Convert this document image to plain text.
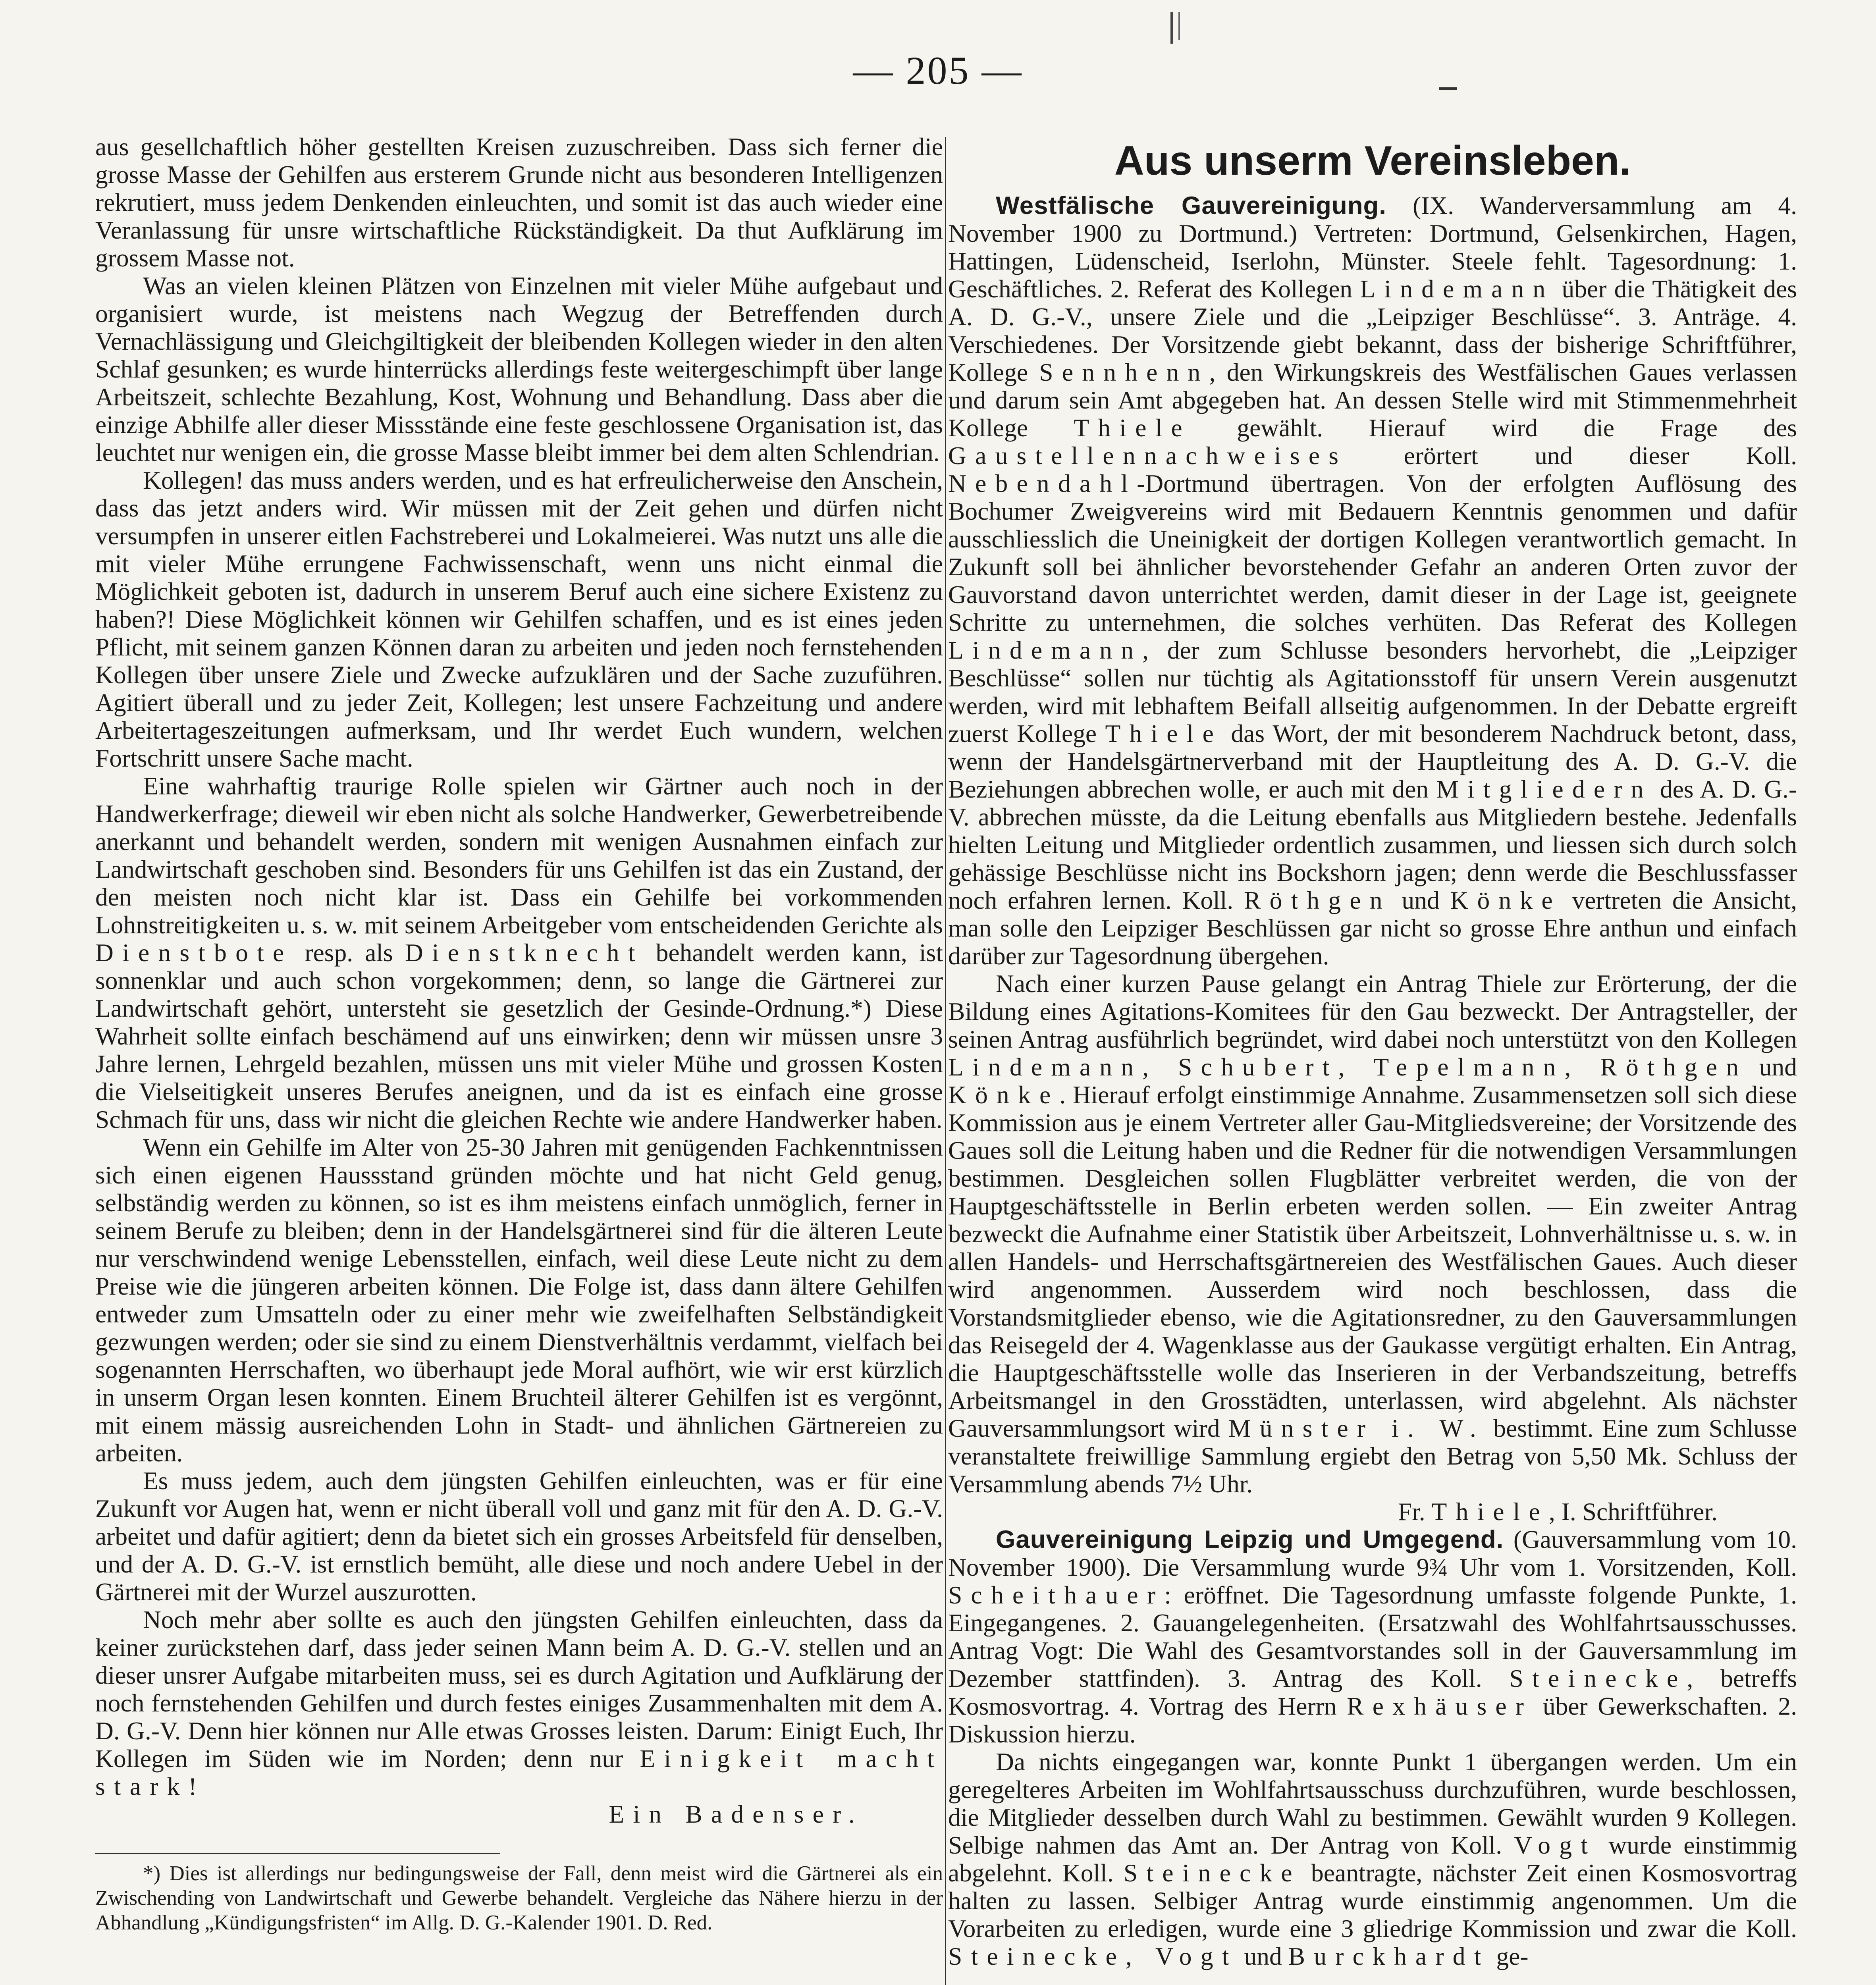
— 205 —

aus gesellchaftlich höher gestellten Kreisen zuzuschreiben. Dass sich ferner die grosse Masse der Gehilfen aus ersterem Grunde nicht aus besonderen Intelligenzen rekrutiert, muss jedem Denkenden einleuchten, und somit ist das auch wieder eine Veranlassung für unsre wirtschaftliche Rückständigkeit. Da thut Aufklärung im grossem Masse not.

Was an vielen kleinen Plätzen von Einzelnen mit vieler Mühe aufgebaut und organisiert wurde, ist meistens nach Wegzug der Betreffenden durch Vernachlässigung und Gleichgiltigkeit der bleibenden Kollegen wieder in den alten Schlaf gesunken; es wurde hinterrücks allerdings feste weitergeschimpft über lange Arbeitszeit, schlechte Bezahlung, Kost, Wohnung und Behandlung. Dass aber die einzige Abhilfe aller dieser Missstände eine feste geschlossene Organisation ist, das leuchtet nur wenigen ein, die grosse Masse bleibt immer bei dem alten Schlendrian.

Kollegen! das muss anders werden, und es hat erfreulicherweise den Anschein, dass das jetzt anders wird. Wir müssen mit der Zeit gehen und dürfen nicht versumpfen in unserer eitlen Fachstreberei und Lokalmeierei. Was nutzt uns alle die mit vieler Mühe errungene Fachwissenschaft, wenn uns nicht einmal die Möglichkeit geboten ist, dadurch in unserem Beruf auch eine sichere Existenz zu haben?! Diese Möglichkeit können wir Gehilfen schaffen, und es ist eines jeden Pflicht, mit seinem ganzen Können daran zu arbeiten und jeden noch fernstehenden Kollegen über unsere Ziele und Zwecke aufzuklären und der Sache zuzuführen. Agitiert überall und zu jeder Zeit, Kollegen; lest unsere Fachzeitung und andere Arbeitertageszeitungen aufmerksam, und Ihr werdet Euch wundern, welchen Fortschritt unsere Sache macht.

Eine wahrhaftig traurige Rolle spielen wir Gärtner auch noch in der Handwerkerfrage; dieweil wir eben nicht als solche Handwerker, Gewerbetreibende anerkannt und behandelt werden, sondern mit wenigen Ausnahmen einfach zur Landwirtschaft geschoben sind. Besonders für uns Gehilfen ist das ein Zustand, der den meisten noch nicht klar ist. Dass ein Gehilfe bei vorkommenden Lohnstreitigkeiten u. s. w. mit seinem Arbeitgeber vom entscheidenden Gerichte als Dienstbote resp. als Dienstknecht behandelt werden kann, ist sonnenklar und auch schon vorgekommen; denn, so lange die Gärtnerei zur Landwirtschaft gehört, untersteht sie gesetzlich der Gesinde-Ordnung.*) Diese Wahrheit sollte einfach beschämend auf uns einwirken; denn wir müssen unsre 3 Jahre lernen, Lehrgeld bezahlen, müssen uns mit vieler Mühe und grossen Kosten die Vielseitigkeit unseres Berufes aneignen, und da ist es einfach eine grosse Schmach für uns, dass wir nicht die gleichen Rechte wie andere Handwerker haben.

Wenn ein Gehilfe im Alter von 25-30 Jahren mit genügenden Fachkenntnissen sich einen eigenen Haussstand gründen möchte und hat nicht Geld genug, selbständig werden zu können, so ist es ihm meistens einfach unmöglich, ferner in seinem Berufe zu bleiben; denn in der Handelsgärtnerei sind für die älteren Leute nur verschwindend wenige Lebensstellen, einfach, weil diese Leute nicht zu dem Preise wie die jüngeren arbeiten können. Die Folge ist, dass dann ältere Gehilfen entweder zum Umsatteln oder zu einer mehr wie zweifelhaften Selbständigkeit gezwungen werden; oder sie sind zu einem Dienstverhältnis verdammt, vielfach bei sogenannten Herrschaften, wo überhaupt jede Moral aufhört, wie wir erst kürzlich in unserm Organ lesen konnten. Einem Bruchteil älterer Gehilfen ist es vergönnt, mit einem mässig ausreichenden Lohn in Stadt- und ähnlichen Gärtnereien zu arbeiten.

Es muss jedem, auch dem jüngsten Gehilfen einleuchten, was er für eine Zukunft vor Augen hat, wenn er nicht überall voll und ganz mit für den A. D. G.-V. arbeitet und dafür agitiert; denn da bietet sich ein grosses Arbeitsfeld für denselben, und der A. D. G.-V. ist ernstlich bemüht, alle diese und noch andere Uebel in der Gärtnerei mit der Wurzel auszurotten.

Noch mehr aber sollte es auch den jüngsten Gehilfen einleuchten, dass da keiner zurückstehen darf, dass jeder seinen Mann beim A. D. G.-V. stellen und an dieser unsrer Aufgabe mitarbeiten muss, sei es durch Agitation und Aufklärung der noch fernstehenden Gehilfen und durch festes einiges Zusammenhalten mit dem A. D. G.-V. Denn hier können nur Alle etwas Grosses leisten. Darum: Einigt Euch, Ihr Kollegen im Süden wie im Norden; denn nur Einigkeit macht stark!

Ein Badenser.
*) Dies ist allerdings nur bedingungsweise der Fall, denn meist wird die Gärtnerei als ein Zwischending von Landwirtschaft und Gewerbe behandelt. Vergleiche das Nähere hierzu in der Abhandlung „Kündigungsfristen“ im Allg. D. G.-Kalender 1901. D. Red.
Aus unserm Vereinsleben.

Westfälische Gauvereinigung. (IX. Wanderversammlung am 4. November 1900 zu Dortmund.) Vertreten: Dortmund, Gelsenkirchen, Hagen, Hattingen, Lüdenscheid, Iserlohn, Münster. Steele fehlt. Tagesordnung: 1. Geschäftliches. 2. Referat des Kollegen Lindemann über die Thätigkeit des A. D. G.-V., unsere Ziele und die „Leipziger Beschlüsse“. 3. Anträge. 4. Verschiedenes. Der Vorsitzende giebt bekannt, dass der bisherige Schriftführer, Kollege Sennhenn, den Wirkungskreis des Westfälischen Gaues verlassen und darum sein Amt abgegeben hat. An dessen Stelle wird mit Stimmenmehrheit Kollege Thiele gewählt. Hierauf wird die Frage des Gaustellennachweises erörtert und dieser Koll. Nebendahl-Dortmund übertragen. Von der erfolgten Auflösung des Bochumer Zweigvereins wird mit Bedauern Kenntnis genommen und dafür ausschliesslich die Uneinigkeit der dortigen Kollegen verantwortlich gemacht. In Zukunft soll bei ähnlicher bevorstehender Gefahr an anderen Orten zuvor der Gauvorstand davon unterrichtet werden, damit dieser in der Lage ist, geeignete Schritte zu unternehmen, die solches verhüten. Das Referat des Kollegen Lindemann, der zum Schlusse besonders hervorhebt, die „Leipziger Beschlüsse“ sollen nur tüchtig als Agitationsstoff für unsern Verein ausgenutzt werden, wird mit lebhaftem Beifall allseitig aufgenommen. In der Debatte ergreift zuerst Kollege Thiele das Wort, der mit besonderem Nachdruck betont, dass, wenn der Handelsgärtnerverband mit der Hauptleitung des A. D. G.-V. die Beziehungen abbrechen wolle, er auch mit den Mitgliedern des A. D. G.-V. abbrechen müsste, da die Leitung ebenfalls aus Mitgliedern bestehe. Jedenfalls hielten Leitung und Mitglieder ordentlich zusammen, und liessen sich durch solch gehässige Beschlüsse nicht ins Bockshorn jagen; denn werde die Beschlussfasser noch erfahren lernen. Koll. Röthgen und Könke vertreten die Ansicht, man solle den Leipziger Beschlüssen gar nicht so grosse Ehre anthun und einfach darüber zur Tagesordnung übergehen.

Nach einer kurzen Pause gelangt ein Antrag Thiele zur Erörterung, der die Bildung eines Agitations-Komitees für den Gau bezweckt. Der Antragsteller, der seinen Antrag ausführlich begründet, wird dabei noch unterstützt von den Kollegen Lindemann, Schubert, Tepelmann, Röthgen und Könke. Hierauf erfolgt einstimmige Annahme. Zusammensetzen soll sich diese Kommission aus je einem Vertreter aller Gau-Mitgliedsvereine; der Vorsitzende des Gaues soll die Leitung haben und die Redner für die notwendigen Versammlungen bestimmen. Desgleichen sollen Flugblätter verbreitet werden, die von der Hauptgeschäftsstelle in Berlin erbeten werden sollen. — Ein zweiter Antrag bezweckt die Aufnahme einer Statistik über Arbeitszeit, Lohnverhältnisse u. s. w. in allen Handels- und Herrschaftsgärtnereien des Westfälischen Gaues. Auch dieser wird angenommen. Ausserdem wird noch beschlossen, dass die Vorstandsmitglieder ebenso, wie die Agitationsredner, zu den Gauversammlungen das Reisegeld der 4. Wagenklasse aus der Gaukasse vergütigt erhalten. Ein Antrag, die Hauptgeschäftsstelle wolle das Inserieren in der Verbandszeitung, betreffs Arbeitsmangel in den Grosstädten, unterlassen, wird abgelehnt. Als nächster Gauversammlungsort wird Münster i. W. bestimmt. Eine zum Schlusse veranstaltete freiwillige Sammlung ergiebt den Betrag von 5,50 Mk. Schluss der Versammlung abends 7½ Uhr.

Fr. Thiele, I. Schriftführer.

Gauvereinigung Leipzig und Umgegend. (Gauversammlung vom 10. November 1900). Die Versammlung wurde 9¾ Uhr vom 1. Vorsitzenden, Koll. Scheithauer: eröffnet. Die Tagesordnung umfasste folgende Punkte, 1. Eingegangenes. 2. Gauangelegenheiten. (Ersatzwahl des Wohlfahrtsausschusses. Antrag Vogt: Die Wahl des Gesamtvorstandes soll in der Gauversammlung im Dezember stattfinden). 3. Antrag des Koll. Steinecke, betreffs Kosmosvortrag. 4. Vortrag des Herrn Rexhäuser über Gewerkschaften. 2. Diskussion hierzu.

Da nichts eingegangen war, konnte Punkt 1 übergangen werden. Um ein geregelteres Arbeiten im Wohlfahrtsausschuss durchzuführen, wurde beschlossen, die Mitglieder desselben durch Wahl zu bestimmen. Gewählt wurden 9 Kollegen. Selbige nahmen das Amt an. Der Antrag von Koll. Vogt wurde einstimmig abgelehnt. Koll. Steinecke beantragte, nächster Zeit einen Kosmosvortrag halten zu lassen. Selbiger Antrag wurde einstimmig angenommen. Um die Vorarbeiten zu erledigen, wurde eine 3 gliedrige Kommission und zwar die Koll. Steinecke, Vogt und Burckhardt ge-
